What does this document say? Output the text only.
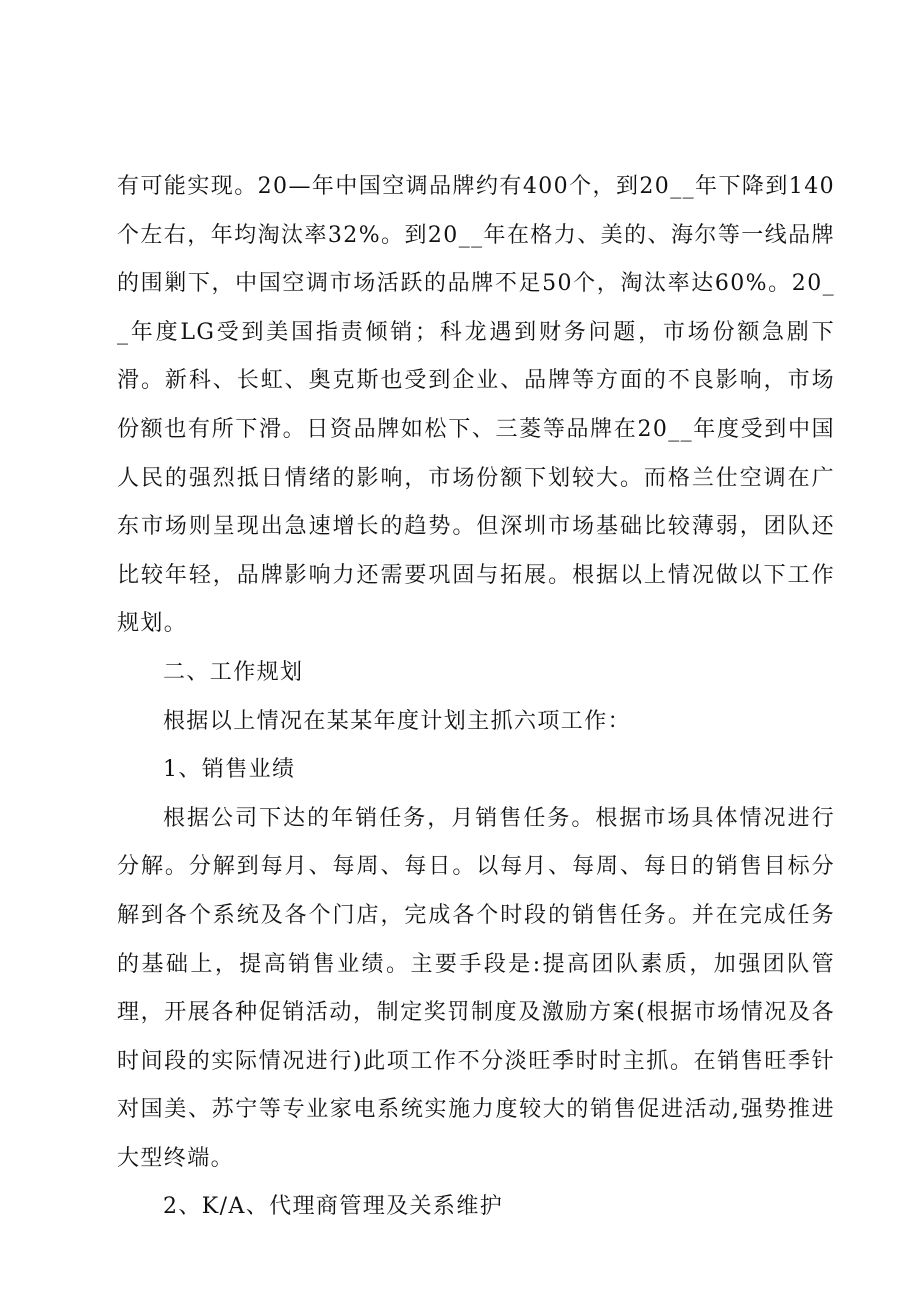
有可能实现。20—年中国空调品牌约有400个，到20__年下降到140个左右，年均淘汰率32%。到20__年在格力、美的、海尔等一线品牌的围剿下，中国空调市场活跃的品牌不足50个，淘汰率达60%。20__年度LG受到美国指责倾销；科龙遇到财务问题，市场份额急剧下滑。新科、长虹、奥克斯也受到企业、品牌等方面的不良影响，市场份额也有所下滑。日资品牌如松下、三菱等品牌在20__年度受到中国人民的强烈抵日情绪的影响，市场份额下划较大。而格兰仕空调在广东市场则呈现出急速增长的趋势。但深圳市场基础比较薄弱，团队还比较年轻，品牌影响力还需要巩固与拓展。根据以上情况做以下工作规划。

二、工作规划

根据以上情况在某某年度计划主抓六项工作：

1、销售业绩

根据公司下达的年销任务，月销售任务。根据市场具体情况进行分解。分解到每月、每周、每日。以每月、每周、每日的销售目标分解到各个系统及各个门店，完成各个时段的销售任务。并在完成任务的基础上，提高销售业绩。主要手段是:提高团队素质，加强团队管理，开展各种促销活动，制定奖罚制度及激励方案(根据市场情况及各时间段的实际情况进行)此项工作不分淡旺季时时主抓。在销售旺季针对国美、苏宁等专业家电系统实施力度较大的销售促进活动,强势推进大型终端。

2、K/A、代理商管理及关系维护
